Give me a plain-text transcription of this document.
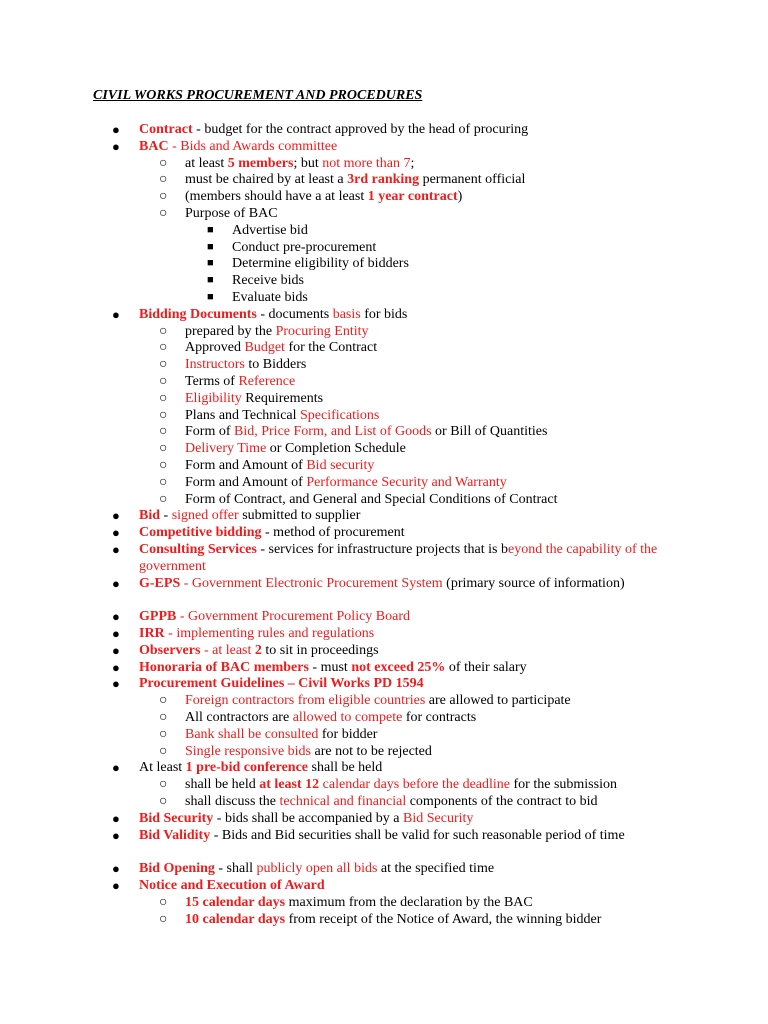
CIVIL WORKS PROCUREMENT AND PROCEDURES
● Contract - budget for the contract approved by the head of procuring
● BAC - Bids and Awards committee
○ at least 5 members; but not more than 7;
○ must be chaired by at least a 3rd ranking permanent official
○ (members should have a at least 1 year contract)
○ Purpose of BAC
■ Advertise bid
■ Conduct pre-procurement
■ Determine eligibility of bidders
■ Receive bids
■ Evaluate bids
● Bidding Documents - documents basis for bids
○ prepared by the Procuring Entity
○ Approved Budget for the Contract
○ Instructors to Bidders
○ Terms of Reference
○ Eligibility Requirements
○ Plans and Technical Specifications
○ Form of Bid, Price Form, and List of Goods or Bill of Quantities
○ Delivery Time or Completion Schedule
○ Form and Amount of Bid security
○ Form and Amount of Performance Security and Warranty
○ Form of Contract, and General and Special Conditions of Contract
● Bid - signed offer submitted to supplier
● Competitive bidding - method of procurement
● Consulting Services - services for infrastructure projects that is beyond the capability of the government
● G-EPS - Government Electronic Procurement System (primary source of information)
● GPPB - Government Procurement Policy Board
● IRR - implementing rules and regulations
● Observers - at least 2 to sit in proceedings
● Honoraria of BAC members - must not exceed 25% of their salary
● Procurement Guidelines – Civil Works PD 1594
○ Foreign contractors from eligible countries are allowed to participate
○ All contractors are allowed to compete for contracts
○ Bank shall be consulted for bidder
○ Single responsive bids are not to be rejected
● At least 1 pre-bid conference shall be held
○ shall be held at least 12 calendar days before the deadline for the submission
○ shall discuss the technical and financial components of the contract to bid
● Bid Security - bids shall be accompanied by a Bid Security
● Bid Validity - Bids and Bid securities shall be valid for such reasonable period of time
● Bid Opening - shall publicly open all bids at the specified time
● Notice and Execution of Award
○ 15 calendar days maximum from the declaration by the BAC
○ 10 calendar days from receipt of the Notice of Award, the winning bidder
